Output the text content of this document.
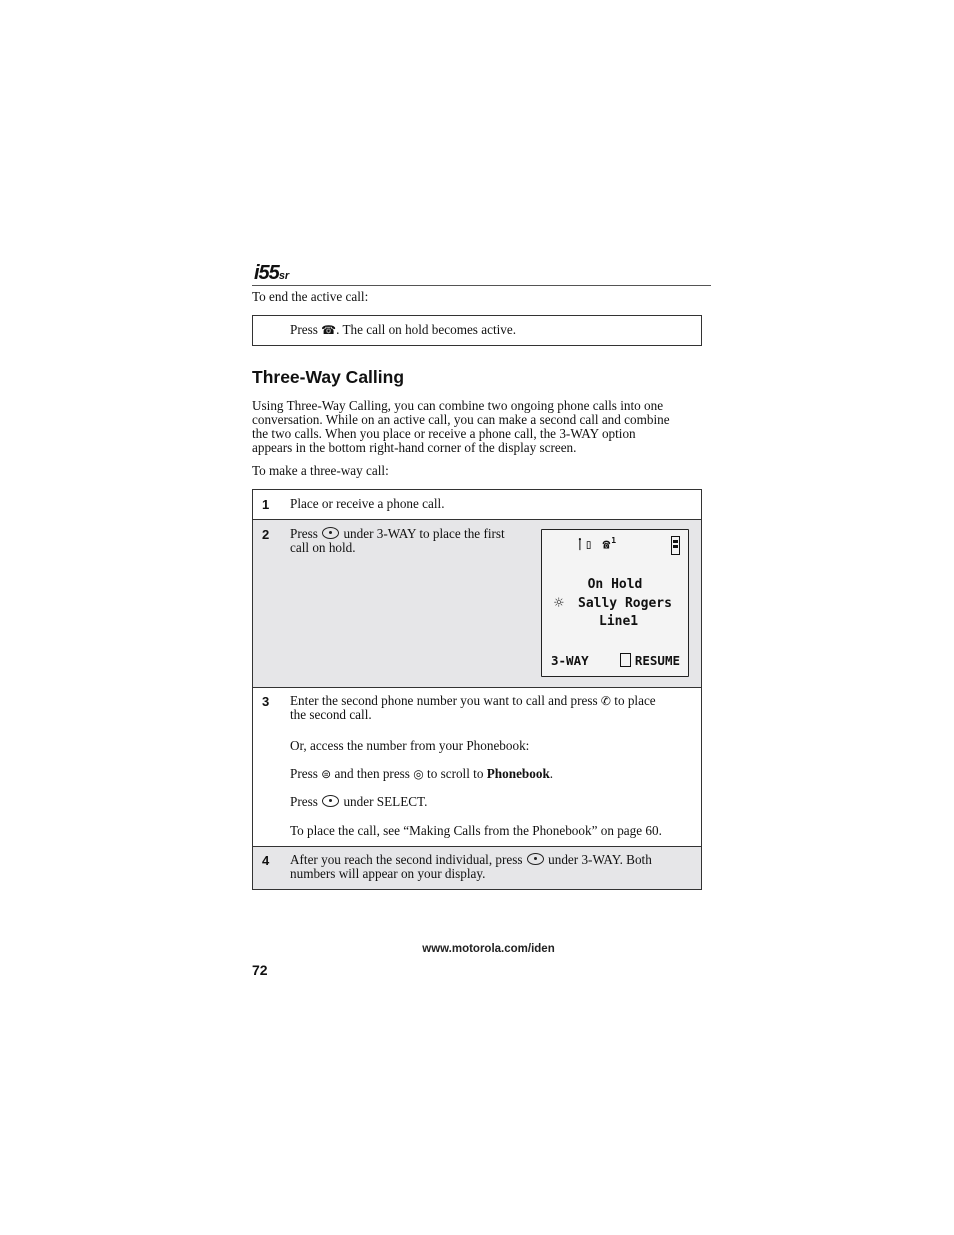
i55sr
To end the active call:
Press ☎. The call on hold becomes active.
Three-Way Calling
Using Three-Way Calling, you can combine two ongoing phone calls into one
conversation. While on an active call, you can make a second call and combine
the two calls. When you place or receive a phone call, the 3-WAY option
appears in the bottom right-hand corner of the display screen.
To make a three-way call:
1 Place or receive a phone call.
2 Press  under 3-WAY to place the first

call on hold.	ᛙ▯ ☎$^1$
On Hold
☼ Sally Rogers
Line1
3-WAY	RESUME
3 Enter the second phone number you want to call and press ✆ to place

the second call.

Or, access the number from your Phonebook:

Press ⊜ and then press ◎ to scroll to Phonebook.

Press  under SELECT.

To place the call, see “Making Calls from the Phonebook” on page 60.

4 After you reach the second individual, press  under 3-WAY. Both

numbers will appear on your display.

www.motorola.com/iden
72
